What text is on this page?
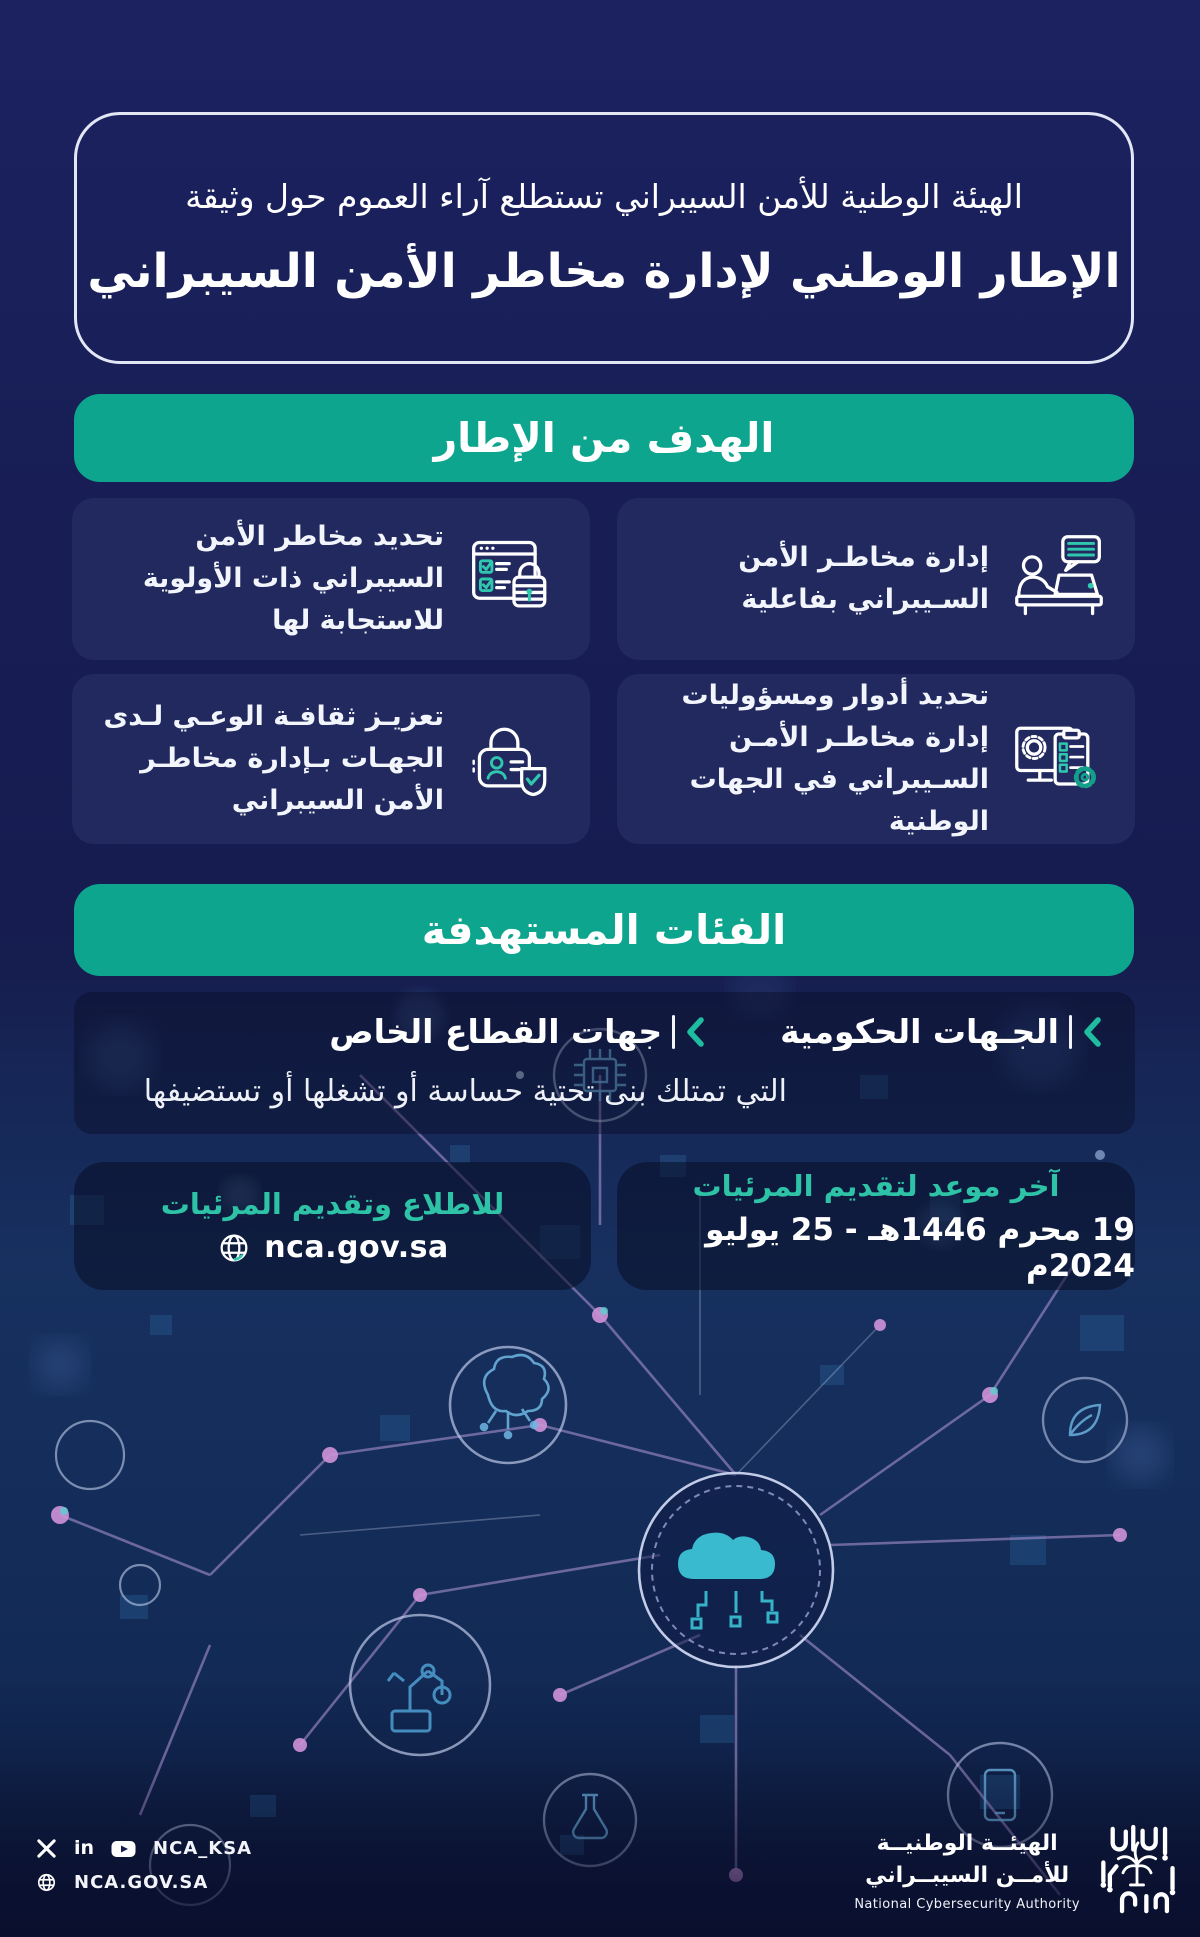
الهيئة الوطنية للأمن السيبراني تستطلع آراء العموم حول وثيقة
الإطار الوطني لإدارة مخاطر الأمن السيبراني
الهدف من الإطار
إدارة مخاطـر الأمن السـيبراني بفاعلية
تحديد مخاطر الأمن السيبراني ذات الأولوية للاستجابة لها
تحديد أدوار ومسؤوليات إدارة مخاطـر الأمـن السـيبراني في الجهات الوطنية
تعزيـز ثقافـة الوعـي لـدى الجهـات بـإدارة مخاطـر الأمن السيبراني
الفئات المستهدفة
الجـهات الحكومية
جهات القطاع الخاص
التي تمتلك بنى تحتية حساسة أو تشغلها أو تستضيفها
آخر موعد لتقديم المرئيات
19 محرم 1446هـ - 25 يوليو 2024م
للاطلاع وتقديم المرئيات
nca.gov.sa
in	NCA_KSA
NCA.GOV.SA
الهيئــة الوطنيــة
للأمــن السيبــراني
National Cybersecurity Authority
